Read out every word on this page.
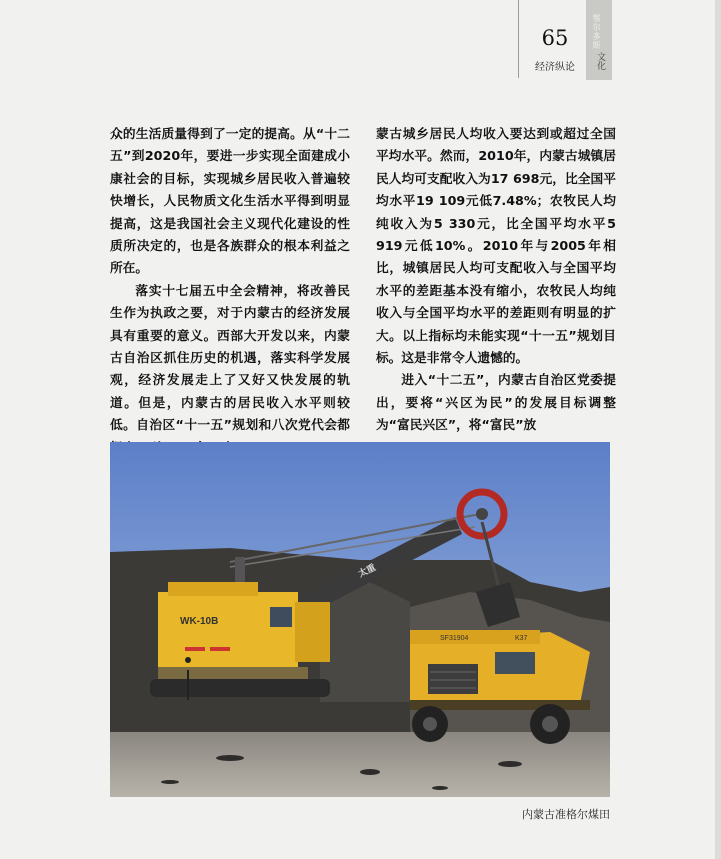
65
经济纵论
鄂尔多斯
文化

众的生活质量得到了一定的提高。从“十二五”到2020年，要进一步实现全面建成小康社会的目标，实现城乡居民收入普遍较快增长，人民物质文化生活水平得到明显提高，这是我国社会主义现代化建设的性质所决定的，也是各族群众的根本利益之所在。

落实十七届五中全会精神，将改善民生作为执政之要，对于内蒙古的经济发展具有重要的意义。西部大开发以来，内蒙古自治区抓住历史的机遇，落实科学发展观，经济发展走上了又好又快发展的轨道。但是，内蒙古的居民收入水平则较低。自治区“十一五”规划和八次党代会都

蒙古城乡居民人均收入要达到或超过全国平均水平。然而，2010年，内蒙古城镇居民人均可支配收入为17 698元，比全国平均水平19 109元低7.48%；农牧民人均纯收入为5 330元，比全国平均水平5 919元低10%。2010年与2005年相比，城镇居民人均可支配收入与全国平均水平的差距基本没有缩小，农牧民人均纯收入与全国平均水平的差距则有明显的扩大。以上指标均未能实现“十一五”规划目标。这是非常令人遗憾的。

进入“十二五”，内蒙古自治区党委提出，要将“兴区为民”的发展目标调整为“富民兴区”，将“富民”放

WK-10B
太重
SF31904	K37
内蒙古准格尔煤田
